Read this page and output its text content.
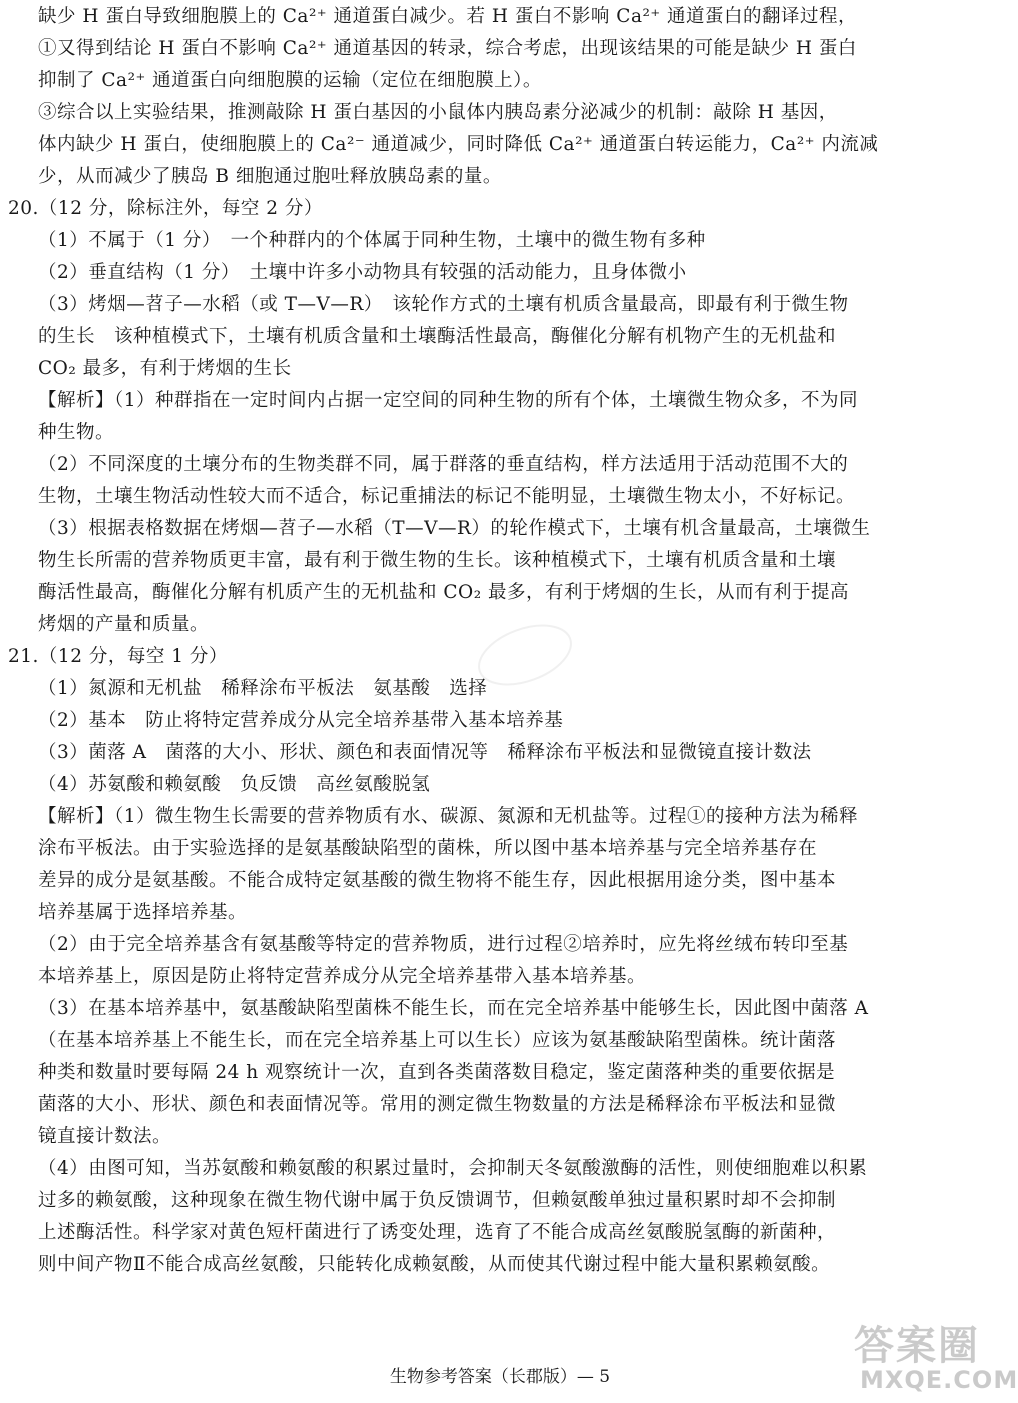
缺少 H 蛋白导致细胞膜上的 Ca²⁺ 通道蛋白减少。若 H 蛋白不影响 Ca²⁺ 通道蛋白的翻译过程，
①又得到结论 H 蛋白不影响 Ca²⁺ 通道基因的转录，综合考虑，出现该结果的可能是缺少 H 蛋白
抑制了 Ca²⁺ 通道蛋白向细胞膜的运输（定位在细胞膜上）。
③综合以上实验结果，推测敲除 H 蛋白基因的小鼠体内胰岛素分泌减少的机制：敲除 H 基因，
体内缺少 H 蛋白，使细胞膜上的 Ca²⁻ 通道减少，同时降低 Ca²⁺ 通道蛋白转运能力，Ca²⁺ 内流减
少，从而减少了胰岛 B 细胞通过胞吐释放胰岛素的量。
20.（12 分，除标注外，每空 2 分）
（1）不属于（1 分）　一个种群内的个体属于同种生物，土壤中的微生物有多种
（2）垂直结构（1 分）　土壤中许多小动物具有较强的活动能力，且身体微小
（3）烤烟—苕子—水稻（或 T—V—R）　该轮作方式的土壤有机质含量最高，即最有利于微生物
的生长　该种植模式下，土壤有机质含量和土壤酶活性最高，酶催化分解有机物产生的无机盐和
CO₂ 最多，有利于烤烟的生长
【解析】（1）种群指在一定时间内占据一定空间的同种生物的所有个体，土壤微生物众多，不为同
种生物。
（2）不同深度的土壤分布的生物类群不同，属于群落的垂直结构，样方法适用于活动范围不大的
生物，土壤生物活动性较大而不适合，标记重捕法的标记不能明显，土壤微生物太小，不好标记。
（3）根据表格数据在烤烟—苕子—水稻（T—V—R）的轮作模式下，土壤有机含量最高，土壤微生
物生长所需的营养物质更丰富，最有利于微生物的生长。该种植模式下，土壤有机质含量和土壤
酶活性最高，酶催化分解有机质产生的无机盐和 CO₂ 最多，有利于烤烟的生长，从而有利于提高
烤烟的产量和质量。
21.（12 分，每空 1 分）
（1）氮源和无机盐　稀释涂布平板法　氨基酸　选择
（2）基本　防止将特定营养成分从完全培养基带入基本培养基
（3）菌落 A　菌落的大小、形状、颜色和表面情况等　稀释涂布平板法和显微镜直接计数法
（4）苏氨酸和赖氨酸　负反馈　高丝氨酸脱氢
【解析】（1）微生物生长需要的营养物质有水、碳源、氮源和无机盐等。过程①的接种方法为稀释
涂布平板法。由于实验选择的是氨基酸缺陷型的菌株，所以图中基本培养基与完全培养基存在
差异的成分是氨基酸。不能合成特定氨基酸的微生物将不能生存，因此根据用途分类，图中基本
培养基属于选择培养基。
（2）由于完全培养基含有氨基酸等特定的营养物质，进行过程②培养时，应先将丝绒布转印至基
本培养基上，原因是防止将特定营养成分从完全培养基带入基本培养基。
（3）在基本培养基中，氨基酸缺陷型菌株不能生长，而在完全培养基中能够生长，因此图中菌落 A
（在基本培养基上不能生长，而在完全培养基上可以生长）应该为氨基酸缺陷型菌株。统计菌落
种类和数量时要每隔 24 h 观察统计一次，直到各类菌落数目稳定，鉴定菌落种类的重要依据是
菌落的大小、形状、颜色和表面情况等。常用的测定微生物数量的方法是稀释涂布平板法和显微
镜直接计数法。
（4）由图可知，当苏氨酸和赖氨酸的积累过量时，会抑制天冬氨酸激酶的活性，则使细胞难以积累
过多的赖氨酸，这种现象在微生物代谢中属于负反馈调节，但赖氨酸单独过量积累时却不会抑制
上述酶活性。科学家对黄色短杆菌进行了诱变处理，选育了不能合成高丝氨酸脱氢酶的新菌种，
则中间产物Ⅱ不能合成高丝氨酸，只能转化成赖氨酸，从而使其代谢过程中能大量积累赖氨酸。
生物参考答案（长郡版）— 5
答案圈
MXQE.COM
